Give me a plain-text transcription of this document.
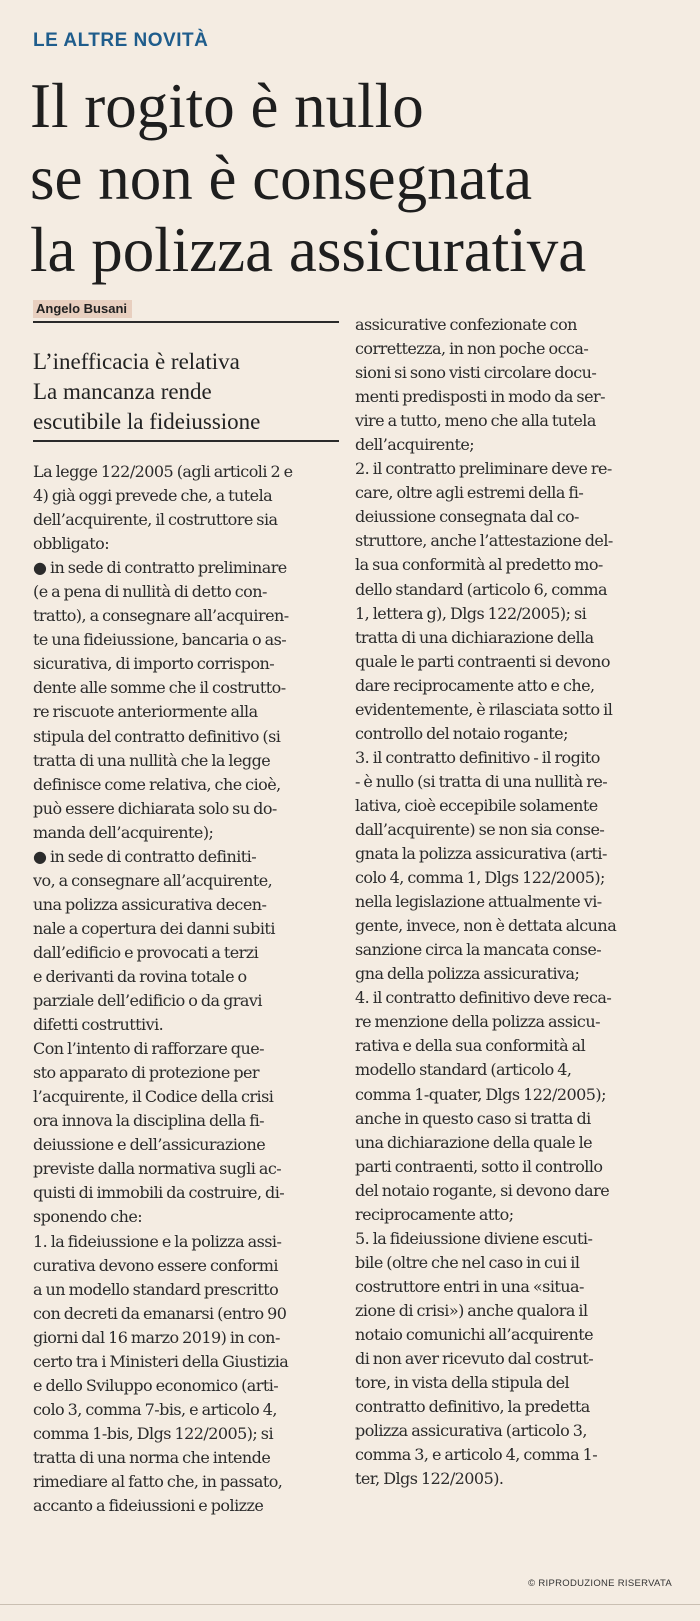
LE ALTRE NOVITÀ
Il rogito è nullo
se non è consegnata
la polizza assicurativa
Angelo Busani
L’inefficacia è relativa
La mancanza rende
escutibile la fideiussione
La legge 122/2005 (agli articoli 2 e
4) già oggi prevede che, a tutela
dell’acquirente, il costruttore sia
obbligato:
● in sede di contratto preliminare
(e a pena di nullità di detto con-
tratto), a consegnare all’acquiren-
te una fideiussione, bancaria o as-
sicurativa, di importo corrispon-
dente alle somme che il costrutto-
re riscuote anteriormente alla
stipula del contratto definitivo (si
tratta di una nullità che la legge
definisce come relativa, che cioè,
può essere dichiarata solo su do-
manda dell’acquirente);
● in sede di contratto definiti-
vo, a consegnare all’acquirente,
una polizza assicurativa decen-
nale a copertura dei danni subiti
dall’edificio e provocati a terzi
e derivanti da rovina totale o
parziale dell’edificio o da gravi
difetti costruttivi.
Con l’intento di rafforzare que-
sto apparato di protezione per
l’acquirente, il Codice della crisi
ora innova la disciplina della fi-
deiussione e dell’assicurazione
previste dalla normativa sugli ac-
quisti di immobili da costruire, di-
sponendo che:
1. la fideiussione e la polizza assi-
curativa devono essere conformi
a un modello standard prescritto
con decreti da emanarsi (entro 90
giorni dal 16 marzo 2019) in con-
certo tra i Ministeri della Giustizia
e dello Sviluppo economico (arti-
colo 3, comma 7-bis, e articolo 4,
comma 1-bis, Dlgs 122/2005); si
tratta di una norma che intende
rimediare al fatto che, in passato,
accanto a fideiussioni e polizze
assicurative confezionate con
correttezza, in non poche occa-
sioni si sono visti circolare docu-
menti predisposti in modo da ser-
vire a tutto, meno che alla tutela
dell’acquirente;
2. il contratto preliminare deve re-
care, oltre agli estremi della fi-
deiussione consegnata dal co-
struttore, anche l’attestazione del-
la sua conformità al predetto mo-
dello standard (articolo 6, comma
1, lettera g), Dlgs 122/2005); si
tratta di una dichiarazione della
quale le parti contraenti si devono
dare reciprocamente atto e che,
evidentemente, è rilasciata sotto il
controllo del notaio rogante;
3. il contratto definitivo - il rogito
- è nullo (si tratta di una nullità re-
lativa, cioè eccepibile solamente
dall’acquirente) se non sia conse-
gnata la polizza assicurativa (arti-
colo 4, comma 1, Dlgs 122/2005);
nella legislazione attualmente vi-
gente, invece, non è dettata alcuna
sanzione circa la mancata conse-
gna della polizza assicurativa;
4. il contratto definitivo deve reca-
re menzione della polizza assicu-
rativa e della sua conformità al
modello standard (articolo 4,
comma 1-quater, Dlgs 122/2005);
anche in questo caso si tratta di
una dichiarazione della quale le
parti contraenti, sotto il controllo
del notaio rogante, si devono dare
reciprocamente atto;
5. la fideiussione diviene escuti-
bile (oltre che nel caso in cui il
costruttore entri in una «situa-
zione di crisi») anche qualora il
notaio comunichi all’acquirente
di non aver ricevuto dal costrut-
tore, in vista della stipula del
contratto definitivo, la predetta
polizza assicurativa (articolo 3,
comma 3, e articolo 4, comma 1-
ter, Dlgs 122/2005).
© RIPRODUZIONE RISERVATA
